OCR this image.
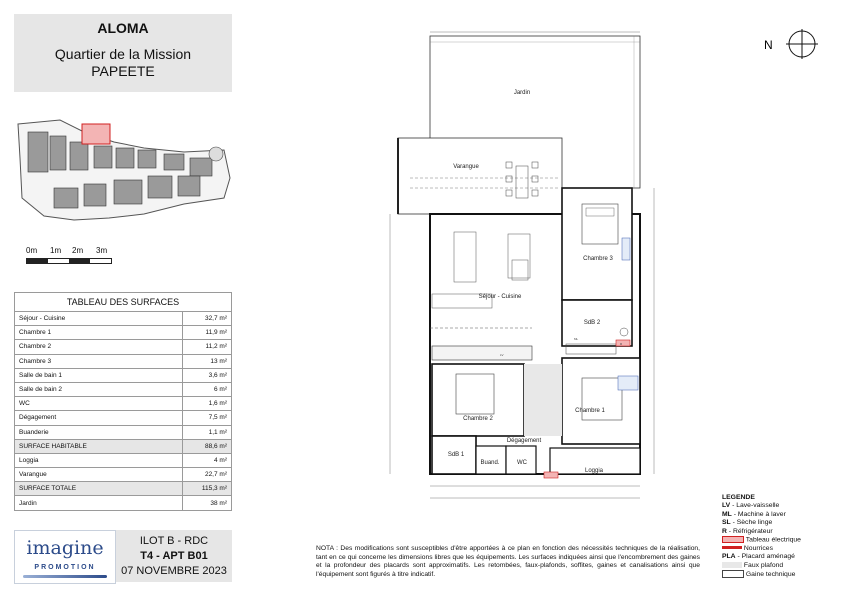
ALOMA
Quartier de la Mission
PAPEETE
0m 1m 2m 3m
TABLEAU DES SURFACES	
Séjour - Cuisine	32,7 m²
Chambre 1	11,9 m²
Chambre 2	11,2 m²
Chambre 3	13 m²
Salle de bain 1	3,6 m²
Salle de bain 2	6 m²
WC	1,6 m²
Dégagement	7,5 m²
Buanderie	1,1 m²
SURFACE HABITABLE	88,6 m²
Loggia	4 m²
Varangue	22,7 m²
SURFACE TOTALE	115,3 m²
Jardin	38 m²
imagine
PROMOTION
ILOT B - RDC
T4 - APT B01
07 NOVEMBRE 2023
N
Jardin
Varangue
Séjour - Cuisine
Chambre 3
SdB 2
Chambre 2
Chambre 1
Dégagement
SdB 1
Buand.	WC
Loggia
LV
ML
R
LEGENDE
LV - Lave-vaisselle
ML - Machine à laver
SL - Sèche linge
R - Réfrigérateur
Tableau électrique
Nourrices
PLA - Placard aménagé
Faux plafond
Gaine technique
NOTA : Des modifications sont susceptibles d'être apportées à ce plan en fonction des nécessités techniques de la réalisation, tant en ce qui concerne les dimensions libres que les équipements. Les surfaces indiquées ainsi que l'encombrement des gaines et la profondeur des placards sont approximatifs. Les retombées, faux-plafonds, soffites, gaines et canalisations ainsi que l'équipement sont figurés à titre indicatif.
